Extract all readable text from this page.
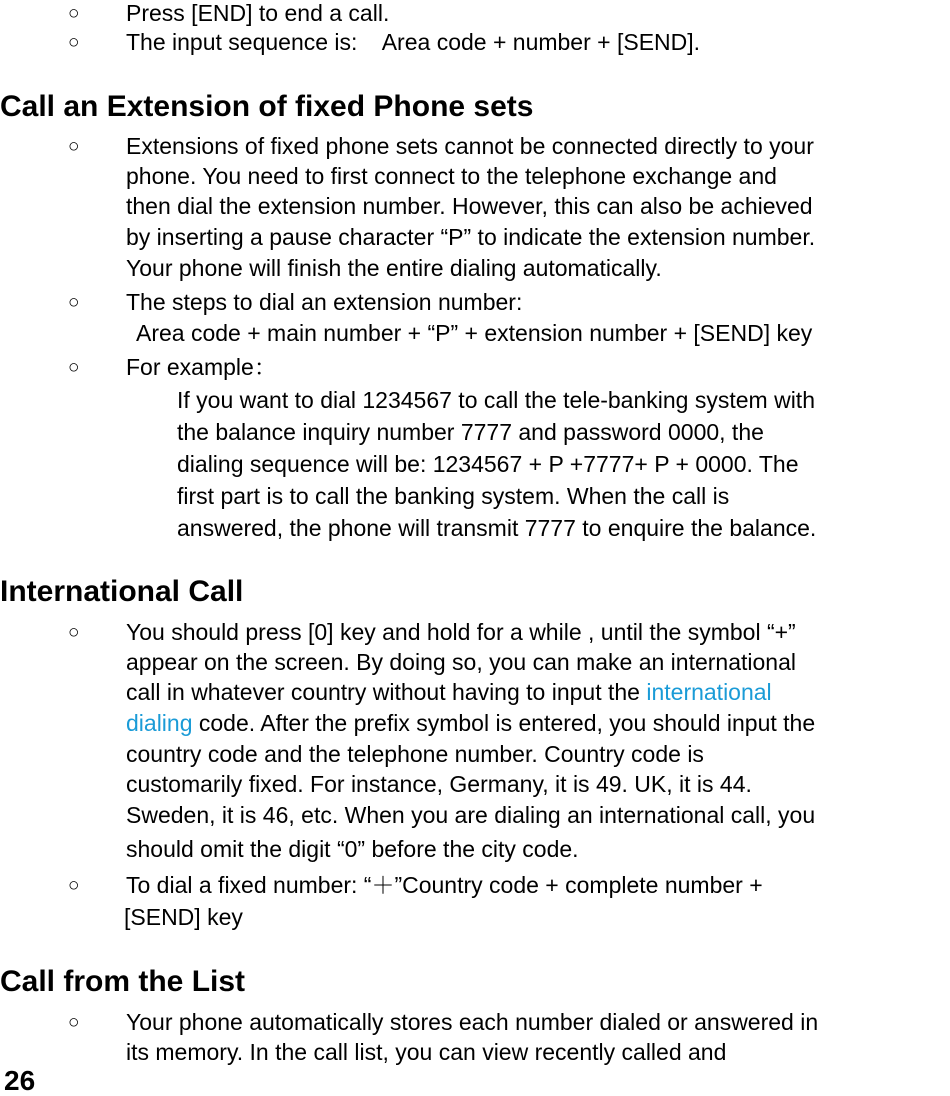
○ Press [END] to end a call.
○ The input sequence is:    Area code + number + [SEND].
Call an Extension of fixed Phone sets
○ Extensions of fixed phone sets cannot be connected directly to your
phone. You need to first connect to the telephone exchange and
then dial the extension number. However, this can also be achieved
by inserting a pause character “P” to indicate the extension number.
Your phone will finish the entire dialing automatically.
○ The steps to dial an extension number:
Area code + main number + “P” + extension number + [SEND] key
○ For example：
If you want to dial 1234567 to call the tele-banking system with
the balance inquiry number 7777 and password 0000, the
dialing sequence will be: 1234567 + P +7777+ P + 0000. The
first part is to call the banking system. When the call is
answered, the phone will transmit 7777 to enquire the balance.
International Call
○ You should press [0] key and hold for a while , until the symbol “+”
appear on the screen. By doing so, you can make an international
call in whatever country without having to input the international
dialing code. After the prefix symbol is entered, you should input the
country code and the telephone number. Country code is
customarily fixed. For instance, Germany, it is 49. UK, it is 44.
Sweden, it is 46, etc. When you are dialing an international call, you
should omit the digit “0” before the city code.
○ To dial a fixed number: “＋”Country code + complete number +
[SEND] key
Call from the List
○ Your phone automatically stores each number dialed or answered in
its memory. In the call list, you can view recently called and
26
